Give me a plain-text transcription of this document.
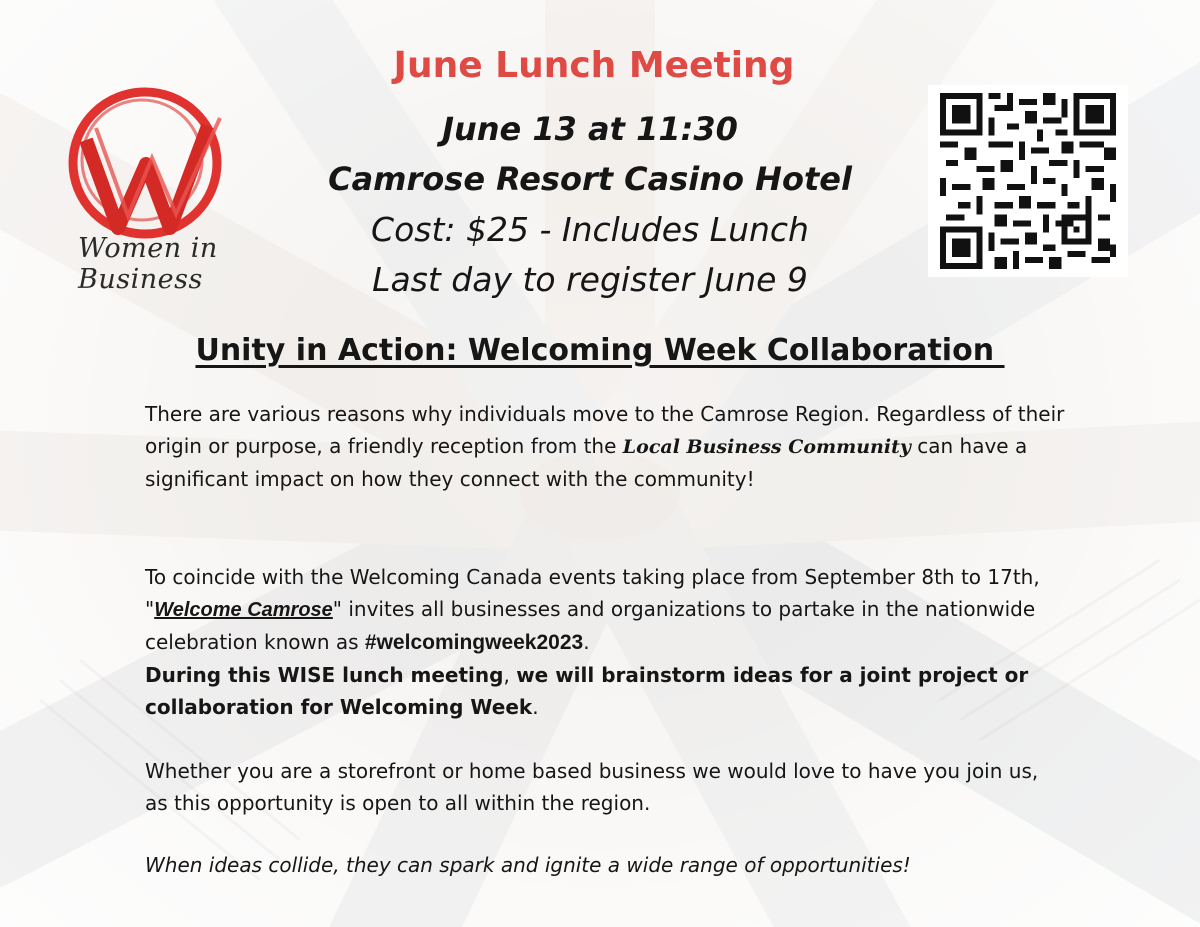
Women in Business
June Lunch Meeting
June 13 at 11:30
Camrose Resort Casino Hotel
Cost: $25 - Includes Lunch
Last day to register June 9
Unity in Action: Welcoming Week Collaboration
There are various reasons why individuals move to the Camrose Region. Regardless of their origin or purpose, a friendly reception from the Local Business Community can have a significant impact on how they connect with the community!
To coincide with the Welcoming Canada events taking place from September 8th to 17th, "Welcome Camrose" invites all businesses and organizations to partake in the nationwide celebration known as #welcomingweek2023.
During this WISE lunch meeting, we will brainstorm ideas for a joint project or collaboration for Welcoming Week.
Whether you are a storefront or home based business we would love to have you join us, as this opportunity is open to all within the region.
When ideas collide, they can spark and ignite a wide range of opportunities!
